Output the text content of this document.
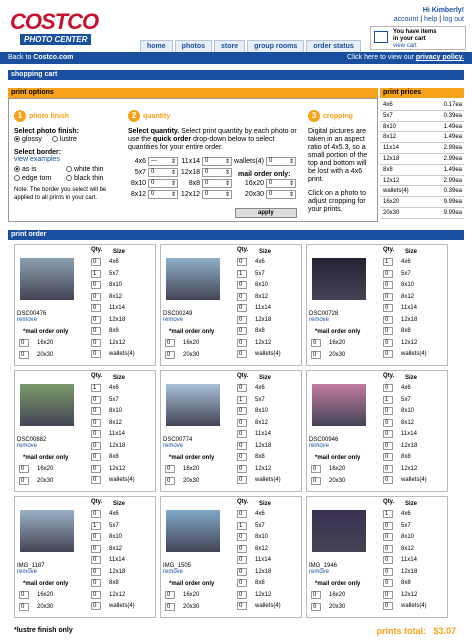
COSTCO
PHOTO CENTER
Hi Kimberly!
account | help | log out
home	photos	store	group rooms	order status
You have items
in your cart
view cart
Back to Costco.com	Click here to view our privacy policy.
shopping cart
print options
1 photo finish
Select photo finish:
glossy	lustre
Select border:
view examples
as is	white thin
edge torn	black thin
Note: The border you select will be applied to all prints in your cart.
2 quantity
Select quantity. Select print quantity by each photo or use the quick order drop-down below to select quantities for your entire order.
4x6 --- ⇕	11x14 0 ⇕
5x7 0 ⇕	12x18 0 ⇕
8x10 0 ⇕	8x8 0 ⇕
8x12 0 ⇕	12x12 0 ⇕
wallets(4) 0 ⇕
16x20 0 ⇕
20x30 0 ⇕
mail order only:
apply
3 cropping
Digital pictures are taken in an aspect ratio of 4x5.3, so a small portion of the top and bottom will be lost with a 4x6 print.
Click on a photo to adjust cropping for your prints.
print prices
4x6	0.17ea
5x7	0.39ea
8x10	1.49ea
8x12	1.49ea
11x14	2.99ea
12x18	2.99ea
8x8	1.49ea
12x12	2.99ea
wallets(4)	0.39ea
16x20	9.99ea
20x30	9.99ea
print order
DSC00476
remove
Qty. Size
0 4x6
1 5x7
0 8x10
0 8x12
0 11x14
0 12x18
0 8x8
0 12x12
0 wallets(4)
*mail order only
0 16x20
0 20x30
DSC00249
remove
Qty. Size
0 4x6
1 5x7
0 8x10
0 8x12
0 11x14
0 12x18
0 8x8
0 12x12
0 wallets(4)
*mail order only
0 16x20
0 20x30
DSC00728
remove
Qty. Size
1 4x6
0 5x7
0 8x10
0 8x12
0 11x14
0 12x18
0 8x8
0 12x12
0 wallets(4)
*mail order only
0 16x20
0 20x30
DSC00882
remove
Qty. Size
1 4x6
0 5x7
0 8x10
0 8x12
0 11x14
0 12x18
0 8x8
0 12x12
0 wallets(4)
*mail order only
0 16x20
0 20x30
DSC00774
remove
Qty. Size
0 4x6
1 5x7
0 8x10
0 8x12
0 11x14
0 12x18
0 8x8
0 12x12
0 wallets(4)
*mail order only
0 16x20
0 20x30
DSC00946
remove
Qty. Size
0 4x6
1 5x7
0 8x10
0 8x12
0 11x14
0 12x18
0 8x8
0 12x12
0 wallets(4)
*mail order only
0 16x20
0 20x30
IMG_1187
remove
Qty. Size
0 4x6
1 5x7
0 8x10
0 8x12
0 11x14
0 12x18
0 8x8
0 12x12
0 wallets(4)
*mail order only
0 16x20
0 20x30
IMG_1505
remove
Qty. Size
0 4x6
1 5x7
0 8x10
0 8x12
0 11x14
0 12x18
0 8x8
0 12x12
0 wallets(4)
*mail order only
0 16x20
0 20x30
IMG_1946
remove
Qty. Size
1 4x6
0 5x7
0 8x10
0 8x12
0 11x14
0 12x18
0 8x8
0 12x12
0 wallets(4)
*mail order only
0 16x20
0 20x30
*lustre finish only	prints total: $3.07
